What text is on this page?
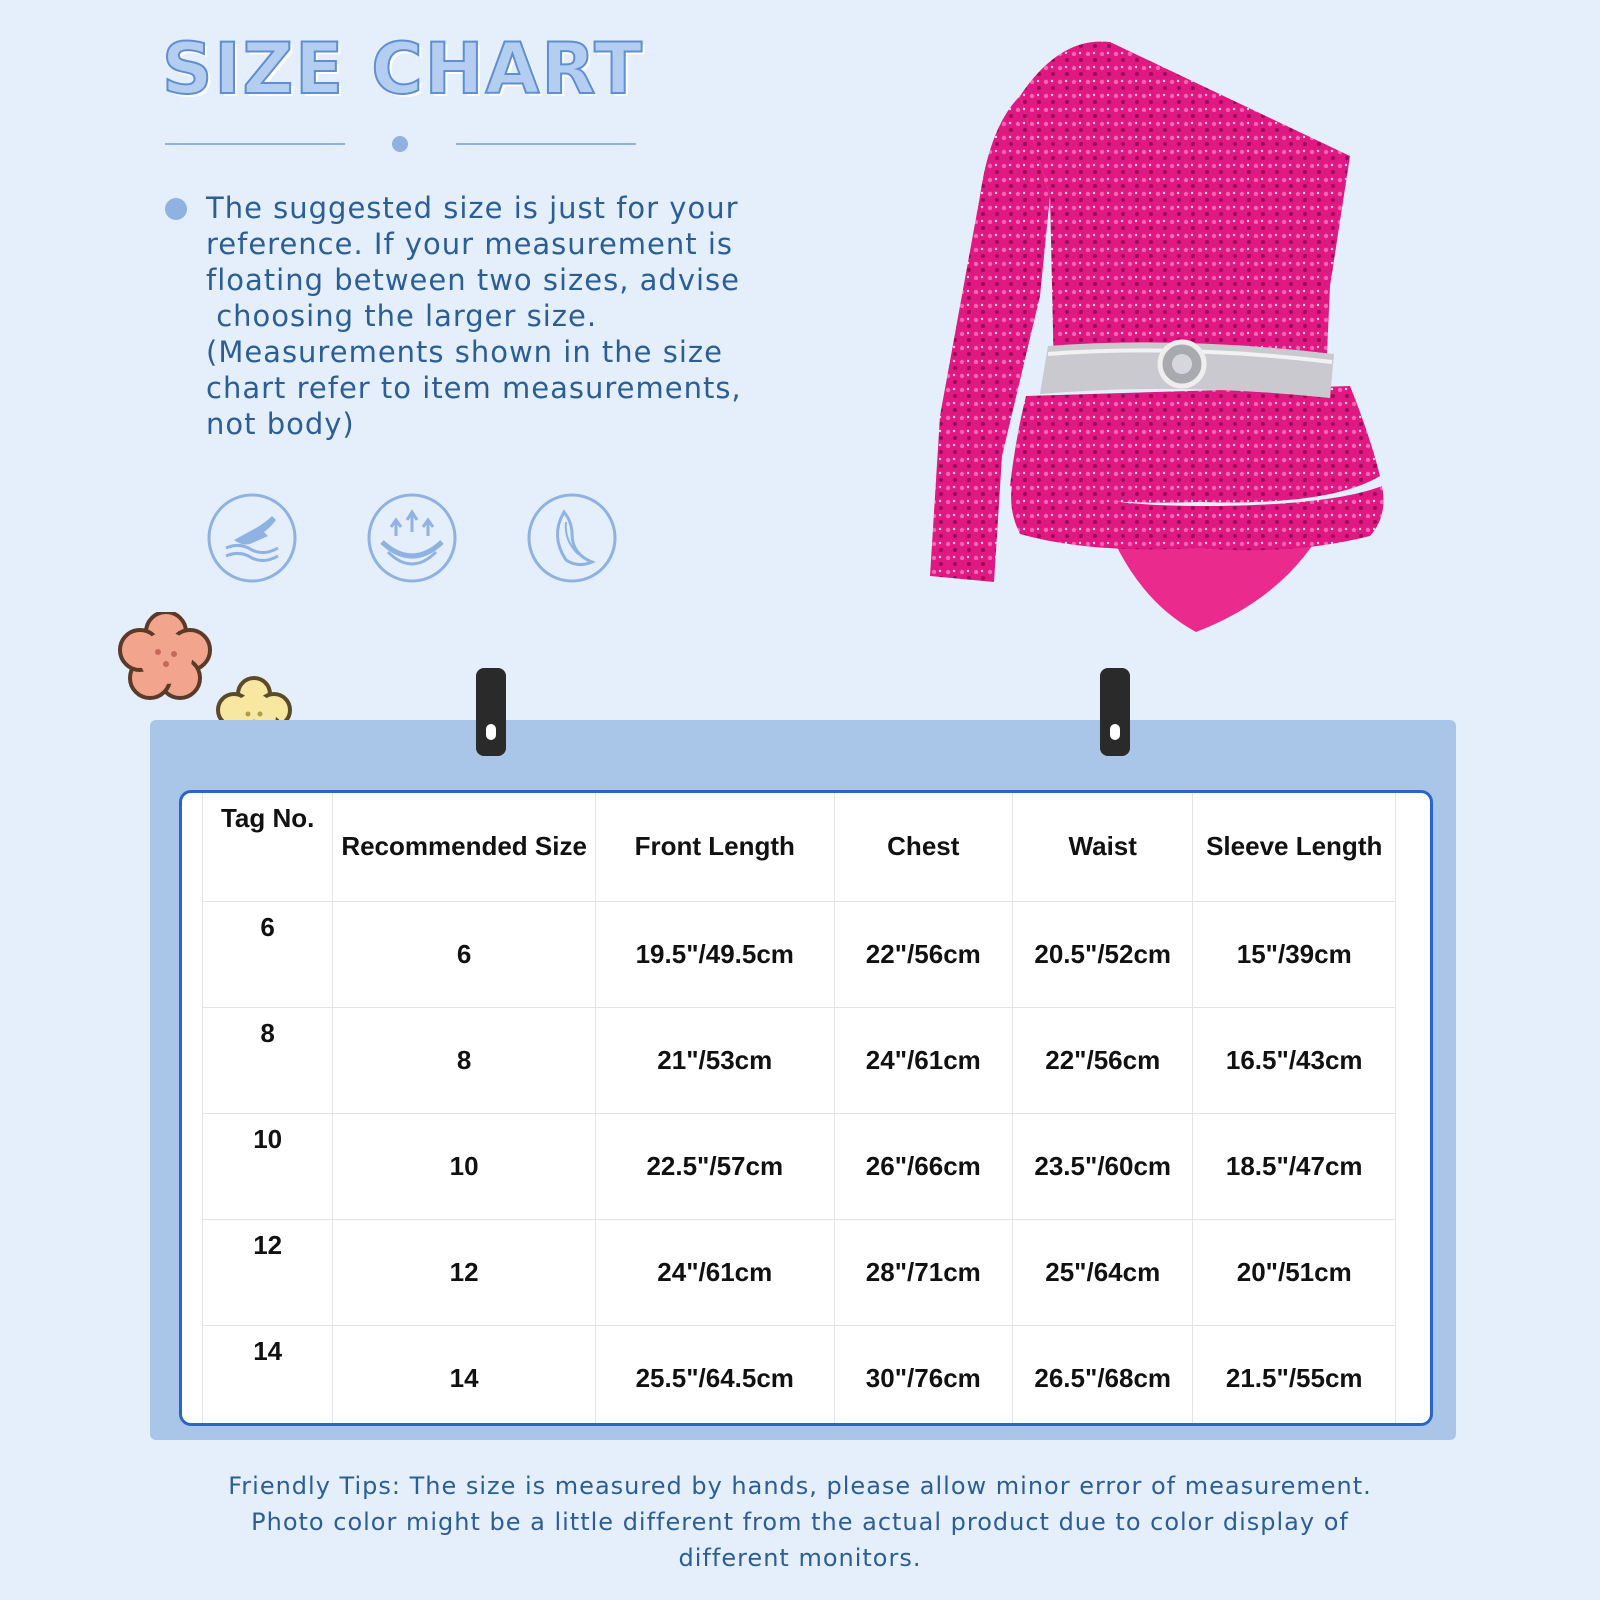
SIZE CHART

The suggested size is just for your
reference. If your measurement is
floating between two sizes, advise
choosing the larger size.
(Measurements shown in the size
chart refer to item measurements,
not body)

Tag No.	Recommended Size	Front Length	Chest	Waist	Sleeve Length
6	6	19.5"/49.5cm	22"/56cm	20.5"/52cm	15"/39cm
8	8	21"/53cm	24"/61cm	22"/56cm	16.5"/43cm
10	10	22.5"/57cm	26"/66cm	23.5"/60cm	18.5"/47cm
12	12	24"/61cm	28"/71cm	25"/64cm	20"/51cm
14	14	25.5"/64.5cm	30"/76cm	26.5"/68cm	21.5"/55cm

Friendly Tips: The size is measured by hands, please allow minor error of measurement.
Photo color might be a little different from the actual product due to color display of
different monitors.
